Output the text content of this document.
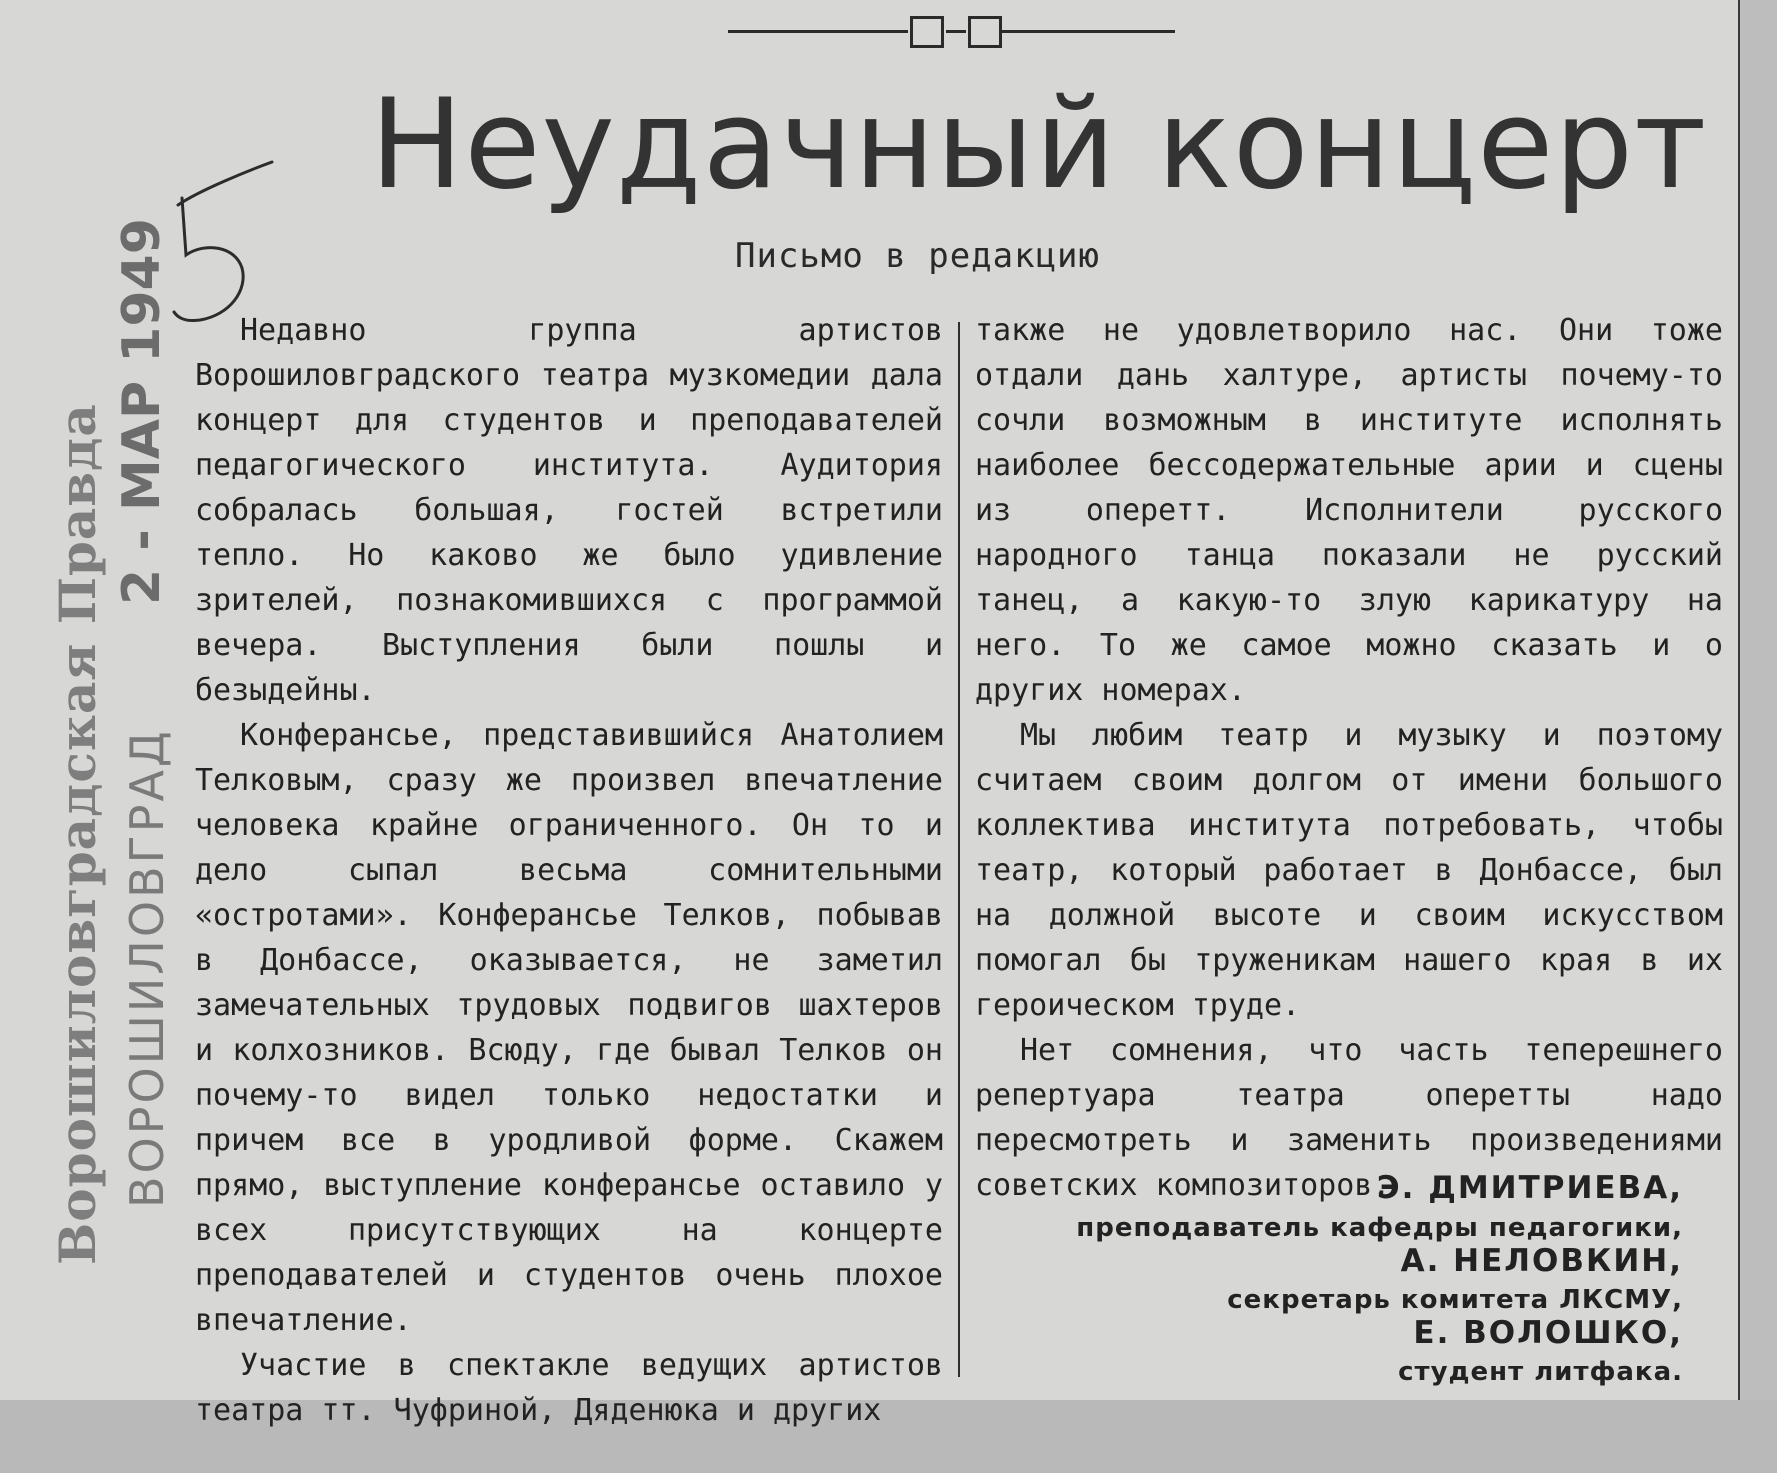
Неудачный концерт
Письмо в редакцию
Ворошиловградская Правда 2 - МАР 1949
ВОРОШИЛОВГРАД

Недавно группа артистов Ворошиловградского театра музкомедии дала концерт для студентов и преподавателей педагогического института. Аудитория собралась большая, гостей встретили тепло. Но каково же было удивление зрителей, познакомившихся с программой вечера. Выступления были пошлы и безыдейны.

Конферансье, представившийся Анатолием Телковым, сразу же произвел впечатление человека крайне ограниченного. Он то и дело сыпал весьма сомнительными «остротами». Конферансье Телков, побывав в Донбассе, оказывается, не заметил замечательных трудовых подвигов шахтеров и колхозников. Всюду, где бывал Телков он почему-то видел только недостатки и причем все в уродливой форме. Скажем прямо, выступление конферансье оставило у всех присутствующих на концерте преподавателей и студентов очень плохое впечатление.

Участие в спектакле ведущих артистов театра тт. Чуфриной, Дяденюка и других

также не удовлетворило нас. Они тоже отдали дань халтуре, артисты почему-то сочли возможным в институте исполнять наиболее бессодержательные арии и сцены из оперетт. Исполнители русского народного танца показали не русский танец, а какую-то злую карикатуру на него. То же самое можно сказать и о других номерах.

Мы любим театр и музыку и поэтому считаем своим долгом от имени большого коллектива института потребовать, чтобы театр, который работает в Донбассе, был на должной высоте и своим искусством помогал бы труженикам нашего края в их героическом труде.

Нет сомнения, что часть теперешнего репертуара театра оперетты надо пересмотреть и заменить произведениями советских композиторов.

Э. ДМИТРИЕВА,
преподаватель кафедры педагогики,
А. НЕЛОВКИН,
секретарь комитета ЛКСМУ,
Е. ВОЛОШКО,
студент литфака.
